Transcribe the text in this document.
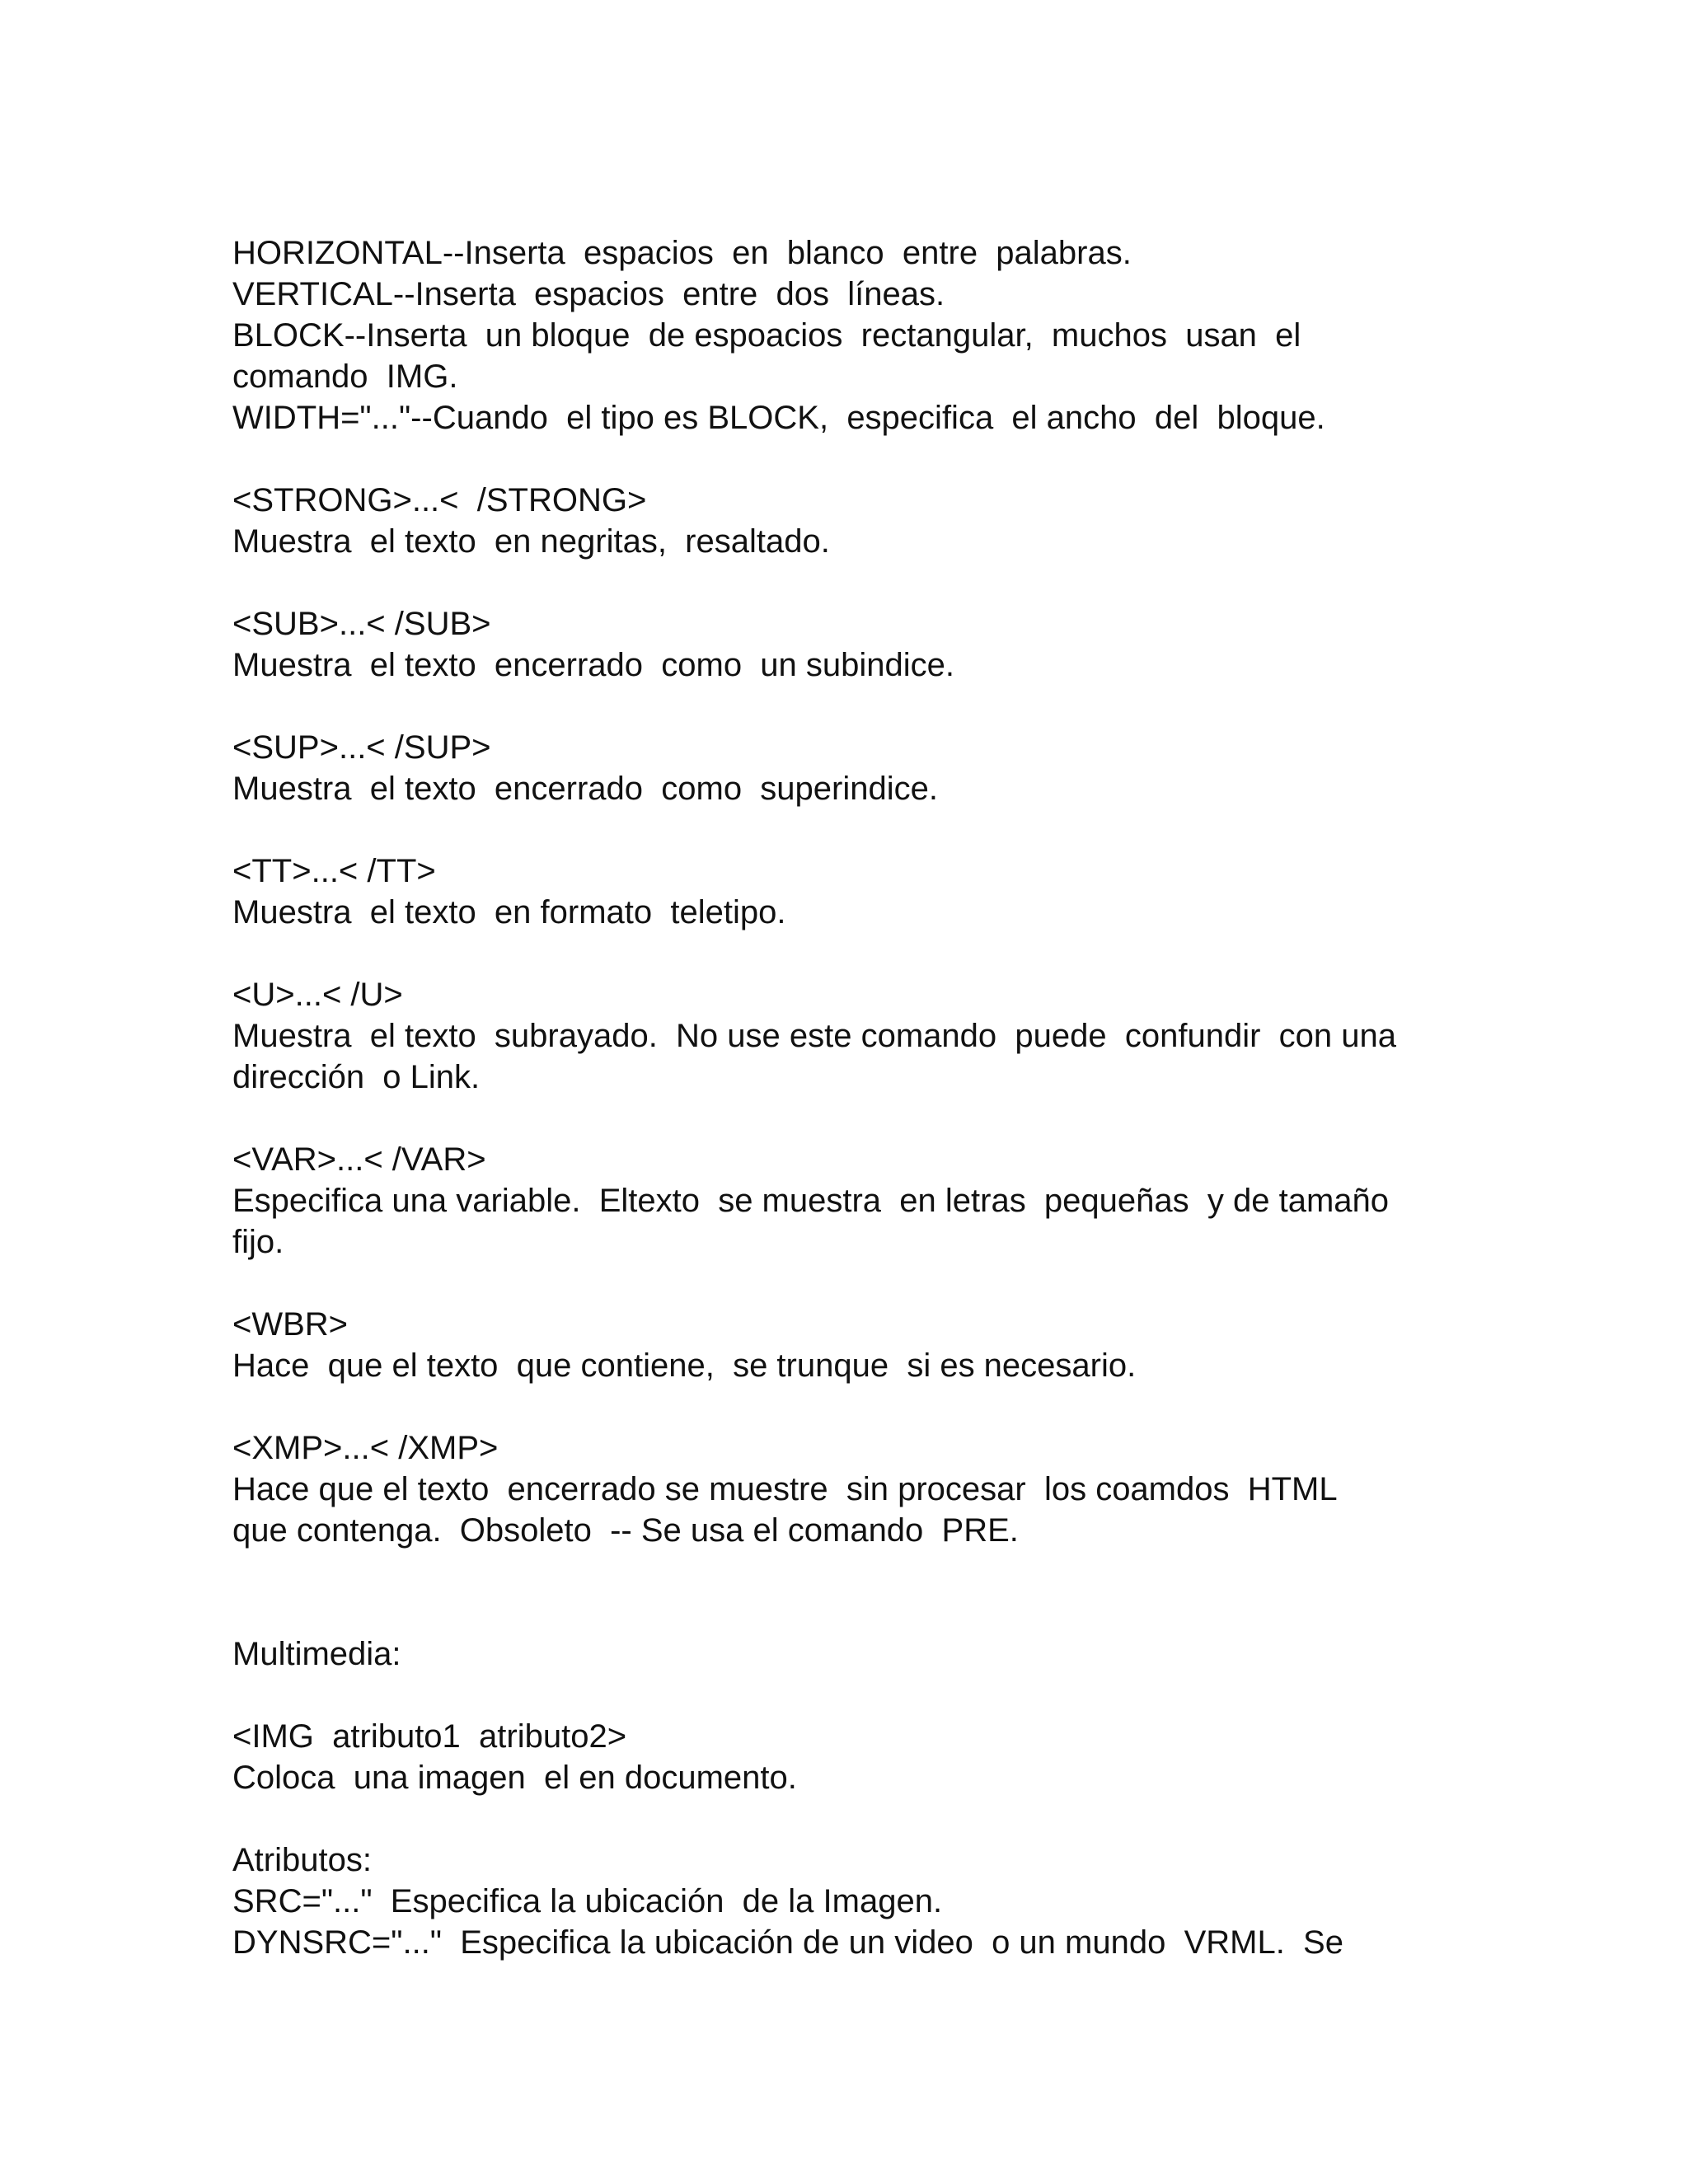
HORIZONTAL--Inserta  espacios  en  blanco  entre  palabras.
VERTICAL--Inserta  espacios  entre  dos  líneas.
BLOCK--Inserta  un bloque  de espoacios  rectangular,  muchos  usan  el
comando  IMG.
WIDTH="..."--Cuando  el tipo es BLOCK,  especifica  el ancho  del  bloque.
<STRONG>...<  /STRONG>
Muestra  el texto  en negritas,  resaltado.
<SUB>...< /SUB>
Muestra  el texto  encerrado  como  un subindice.
<SUP>...< /SUP>
Muestra  el texto  encerrado  como  superindice.
<TT>...< /TT>
Muestra  el texto  en formato  teletipo.
<U>...< /U>
Muestra  el texto  subrayado.  No use este comando  puede  confundir  con una
dirección  o Link.
<VAR>...< /VAR>
Especifica una variable.  Eltexto  se muestra  en letras  pequeñas  y de tamaño
fijo.
<WBR>
Hace  que el texto  que contiene,  se trunque  si es necesario.
<XMP>...< /XMP>
Hace que el texto  encerrado se muestre  sin procesar  los coamdos  HTML
que contenga.  Obsoleto  -- Se usa el comando  PRE.
Multimedia:
<IMG  atributo1  atributo2>
Coloca  una imagen  el en documento.
Atributos:
SRC="..."  Especifica la ubicación  de la Imagen.
DYNSRC="..."  Especifica la ubicación de un video  o un mundo  VRML.  Se
